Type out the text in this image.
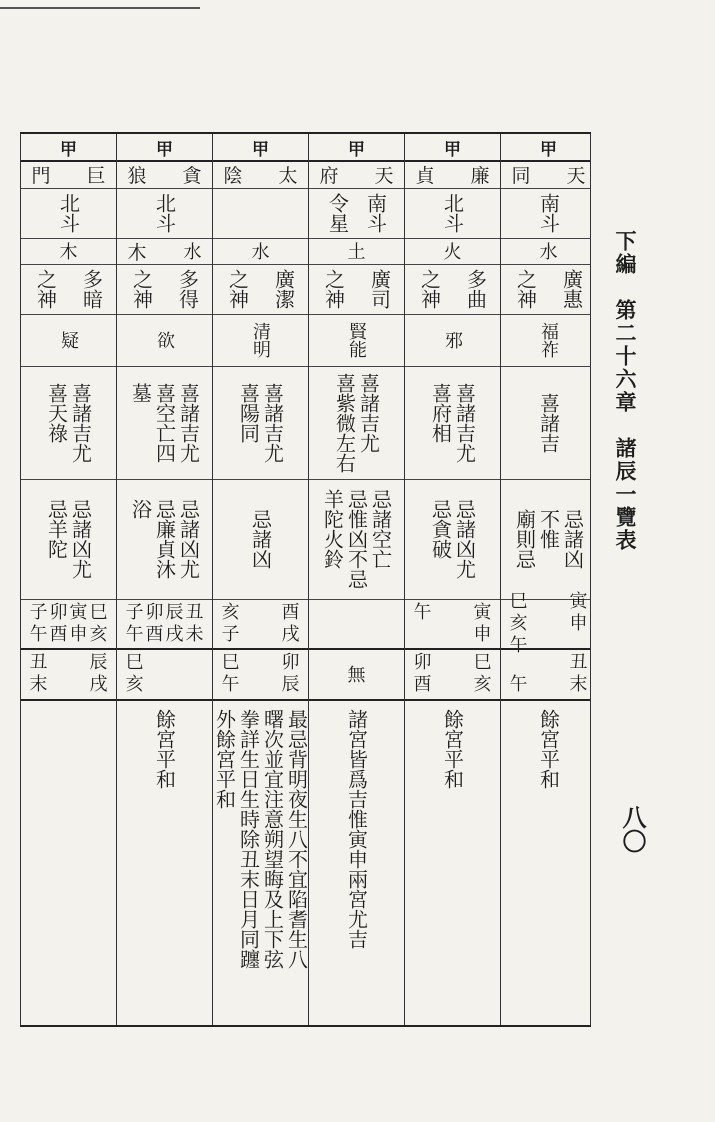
甲
同 天
南斗
水
之神 廣惠
福祚
喜諸吉
忌諸凶
不惟
廟則忌
巳 寅
亥 申
午
丑
午 末
餘宮平和
甲
貞 廉
北斗
火
之神 多曲
邪
喜諸吉尤
喜府相
忌諸凶尤
忌貪破
午 寅
申
卯 巳
酉 亥
餘宮平和
甲
府 天
令星 南斗
土
之神 廣司
賢能
喜諸吉尤
喜紫微左右
忌諸空亡
忌惟凶不忌
羊陀火鈴
無
諸宮皆爲吉惟寅申兩宮尤吉
甲
陰 太
水
之神 廣潔
清明
喜諸吉尤
喜陽同
忌諸凶
亥 酉
子 戌
巳 卯
午 辰
最忌背明夜生八不宜陷耆生八
曙次並宜注意朔望晦及上下弦
拳詳生日生時除丑末日月同躔
外餘宮平和
甲
狼 貪
北斗
木 水
之神 多得
欲
喜諸吉尤
喜空亡四
墓
忌諸凶尤
忌廉貞沐
浴
子 卯 辰 丑
午 酉 戌 未
巳
亥
餘宮平和
甲
門 巨
北斗
木
之神 多暗
疑
喜諸吉尤
喜天祿
忌諸凶尤
忌羊陀
子 卯 寅 巳
午 酉 申 亥
丑 辰
末 戌
下編　第二十六章　諸辰一覽表
八〇
